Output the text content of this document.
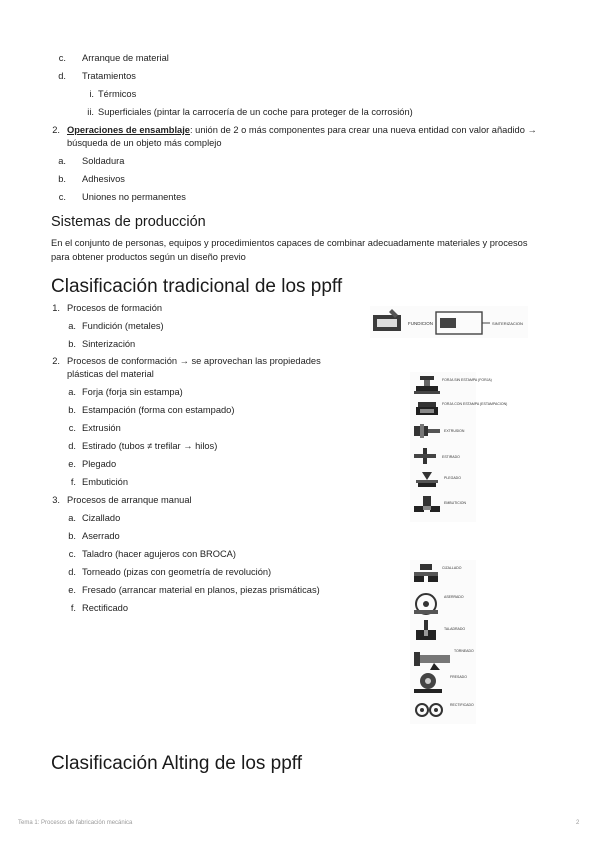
c. Arranque de material
d. Tratamientos
i. Térmicos
ii. Superficiales (pintar la carrocería de un coche para proteger de la corrosión)
2. Operaciones de ensamblaje: unión de 2 o más componentes para crear una nueva entidad con valor añadido →
búsqueda de un objeto más complejo
a. Soldadura
b. Adhesivos
c. Uniones no permanentes
Sistemas de producción
En el conjunto de personas, equipos y procedimientos capaces de combinar adecuadamente materiales y procesos para obtener productos según un diseño previo
Clasificación tradicional de los ppff
1. Procesos de formación
a. Fundición (metales)
b. Sinterización
2. Procesos de conformación → se aprovechan las propiedades
plásticas del material
a. Forja (forja sin estampa)
b. Estampación (forma con estampado)
c. Extrusión
d. Estirado (tubos ≠ trefilar → hilos)
e. Plegado
f. Embutición
3. Procesos de arranque manual
a. Cizallado
b. Aserrado
c. Taladro (hacer agujeros con BROCA)
d. Torneado (pizas con geometría de revolución)
e. Fresado (arrancar material en planos, piezas prismáticas)
f. Rectificado
FUNDICION	SINTERIZACION
FORJA SIN ESTAMPA (FORJA)
FORJA CON ESTAMPA (ESTAMPACION)
EXTRUSION
ESTIRADO
PLEGADO
EMBUTICION
CIZALLADO
ASERRADO
TALADRADO
TORNEADO
FRESADO
RECTIFICADO
Clasificación Alting de los ppff
Tema 1: Procesos de fabricación mecánica	2
